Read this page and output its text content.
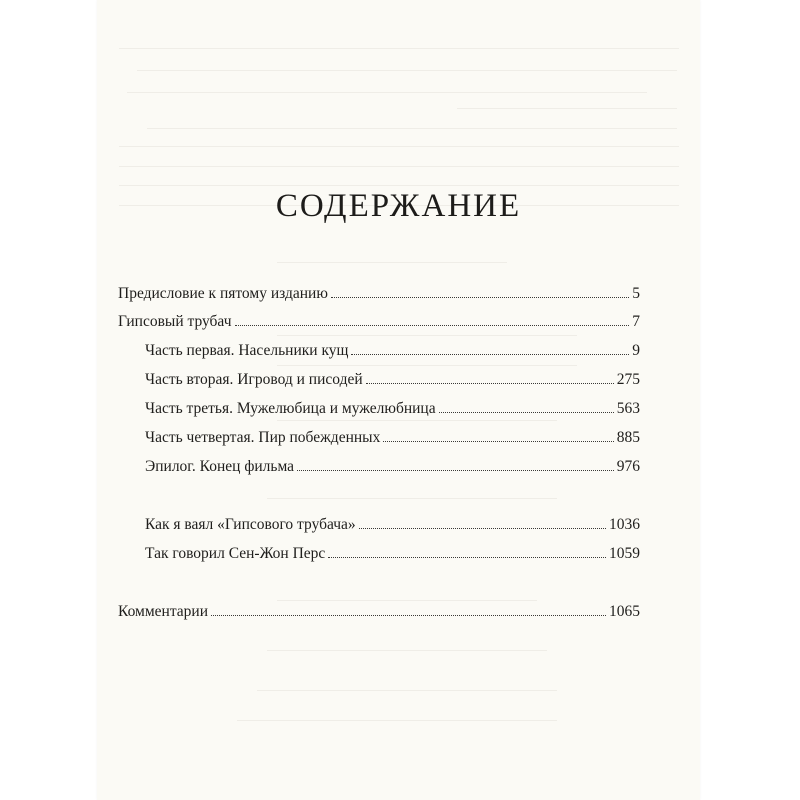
СОДЕРЖАНИЕ
Предисловие к пятому изданию	5
Гипсовый трубач	7
Часть первая. Насельники кущ	9
Часть вторая. Игровод и писодей	275
Часть третья. Мужелюбица и мужелюбница	563
Часть четвертая. Пир побежденных	885
Эпилог. Конец фильма	976
Как я ваял «Гипсового трубача»	1036
Так говорил Сен-Жон Перс	1059
Комментарии	1065
